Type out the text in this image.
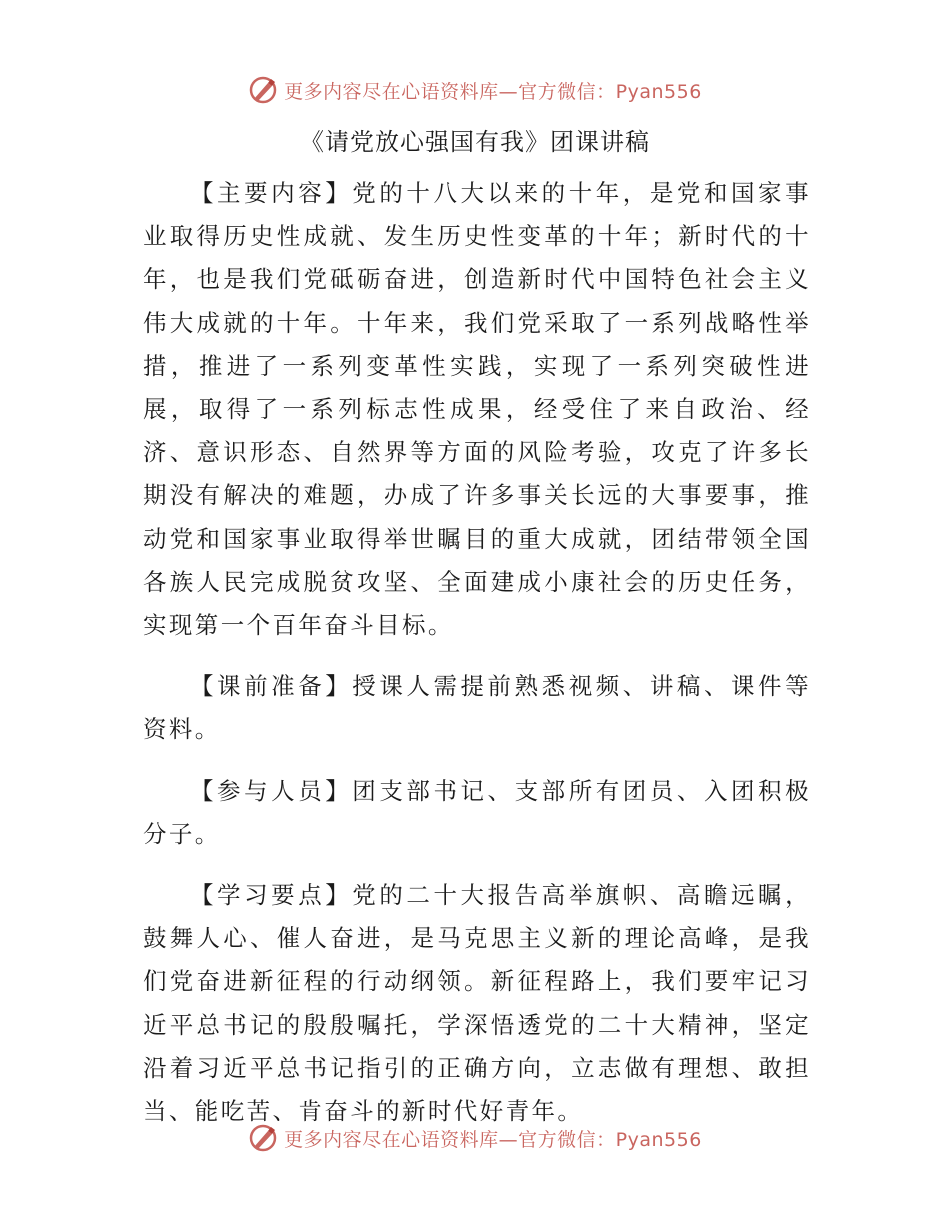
更多内容尽在心语资料库—官方微信：Pyan556
《请党放心强国有我》团课讲稿

【主要内容】党的十八大以来的十年，是党和国家事业取得历史性成就、发生历史性变革的十年；新时代的十年，也是我们党砥砺奋进，创造新时代中国特色社会主义伟大成就的十年。十年来，我们党采取了一系列战略性举措，推进了一系列变革性实践，实现了一系列突破性进展，取得了一系列标志性成果，经受住了来自政治、经济、意识形态、自然界等方面的风险考验，攻克了许多长期没有解决的难题，办成了许多事关长远的大事要事，推动党和国家事业取得举世瞩目的重大成就，团结带领全国各族人民完成脱贫攻坚、全面建成小康社会的历史任务，实现第一个百年奋斗目标。

【课前准备】授课人需提前熟悉视频、讲稿、课件等资料。

【参与人员】团支部书记、支部所有团员、入团积极分子。

【学习要点】党的二十大报告高举旗帜、高瞻远瞩，鼓舞人心、催人奋进，是马克思主义新的理论高峰，是我们党奋进新征程的行动纲领。新征程路上，我们要牢记习近平总书记的殷殷嘱托，学深悟透党的二十大精神，坚定沿着习近平总书记指引的正确方向，立志做有理想、敢担当、能吃苦、肯奋斗的新时代好青年。

更多内容尽在心语资料库—官方微信：Pyan556
